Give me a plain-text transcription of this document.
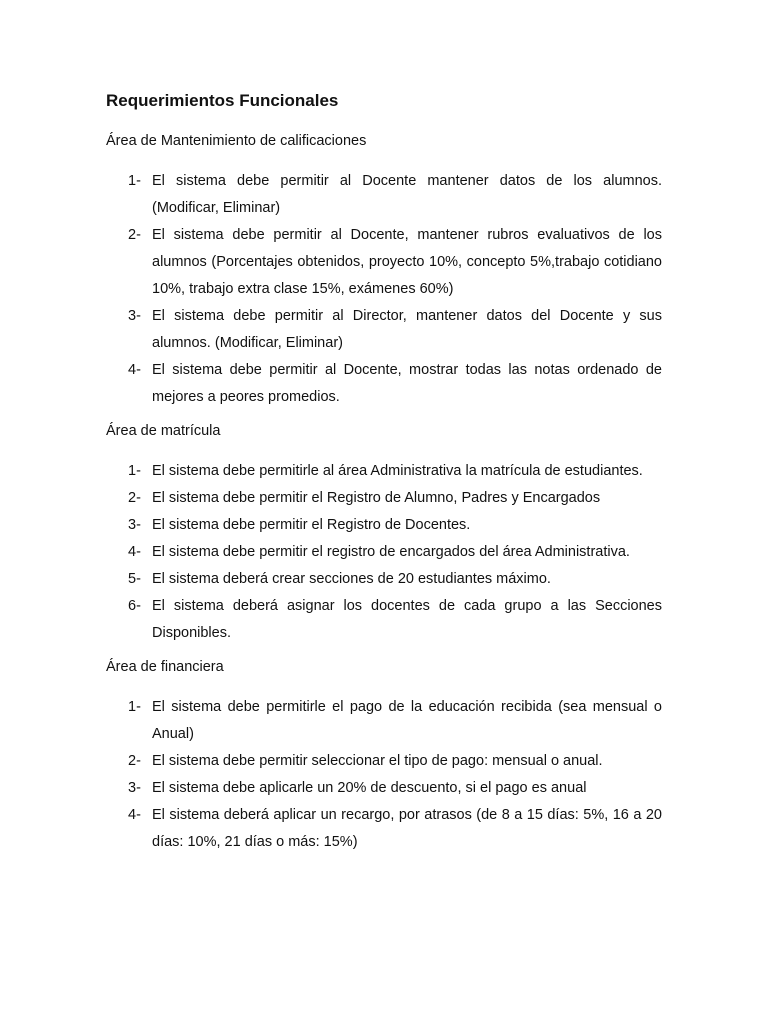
Requerimientos Funcionales
Área de Mantenimiento de calificaciones
1- El sistema debe permitir al Docente mantener datos de los alumnos. (Modificar, Eliminar)
2- El sistema debe permitir al Docente, mantener rubros evaluativos de los alumnos (Porcentajes obtenidos, proyecto 10%, concepto 5%,trabajo cotidiano 10%, trabajo extra clase 15%, exámenes 60%)
3- El sistema debe permitir al Director, mantener datos del Docente y sus alumnos. (Modificar, Eliminar)
4- El sistema debe permitir al Docente, mostrar todas las notas ordenado de mejores a peores promedios.
Área de matrícula
1- El sistema debe permitirle al área Administrativa la matrícula de estudiantes.
2- El sistema debe permitir el Registro de Alumno, Padres y Encargados
3- El sistema debe permitir el Registro de Docentes.
4- El sistema debe permitir el registro de encargados del área Administrativa.
5- El sistema deberá crear secciones de 20 estudiantes máximo.
6- El sistema deberá asignar los docentes de cada grupo a las Secciones Disponibles.
Área de financiera
1- El sistema debe permitirle el pago de la educación recibida (sea mensual o Anual)
2- El sistema debe permitir seleccionar el tipo de pago: mensual o anual.
3- El sistema debe aplicarle un 20% de descuento, si el pago es anual
4- El sistema deberá aplicar un recargo, por atrasos (de 8 a 15 días: 5%, 16 a 20 días: 10%, 21 días o más: 15%)
